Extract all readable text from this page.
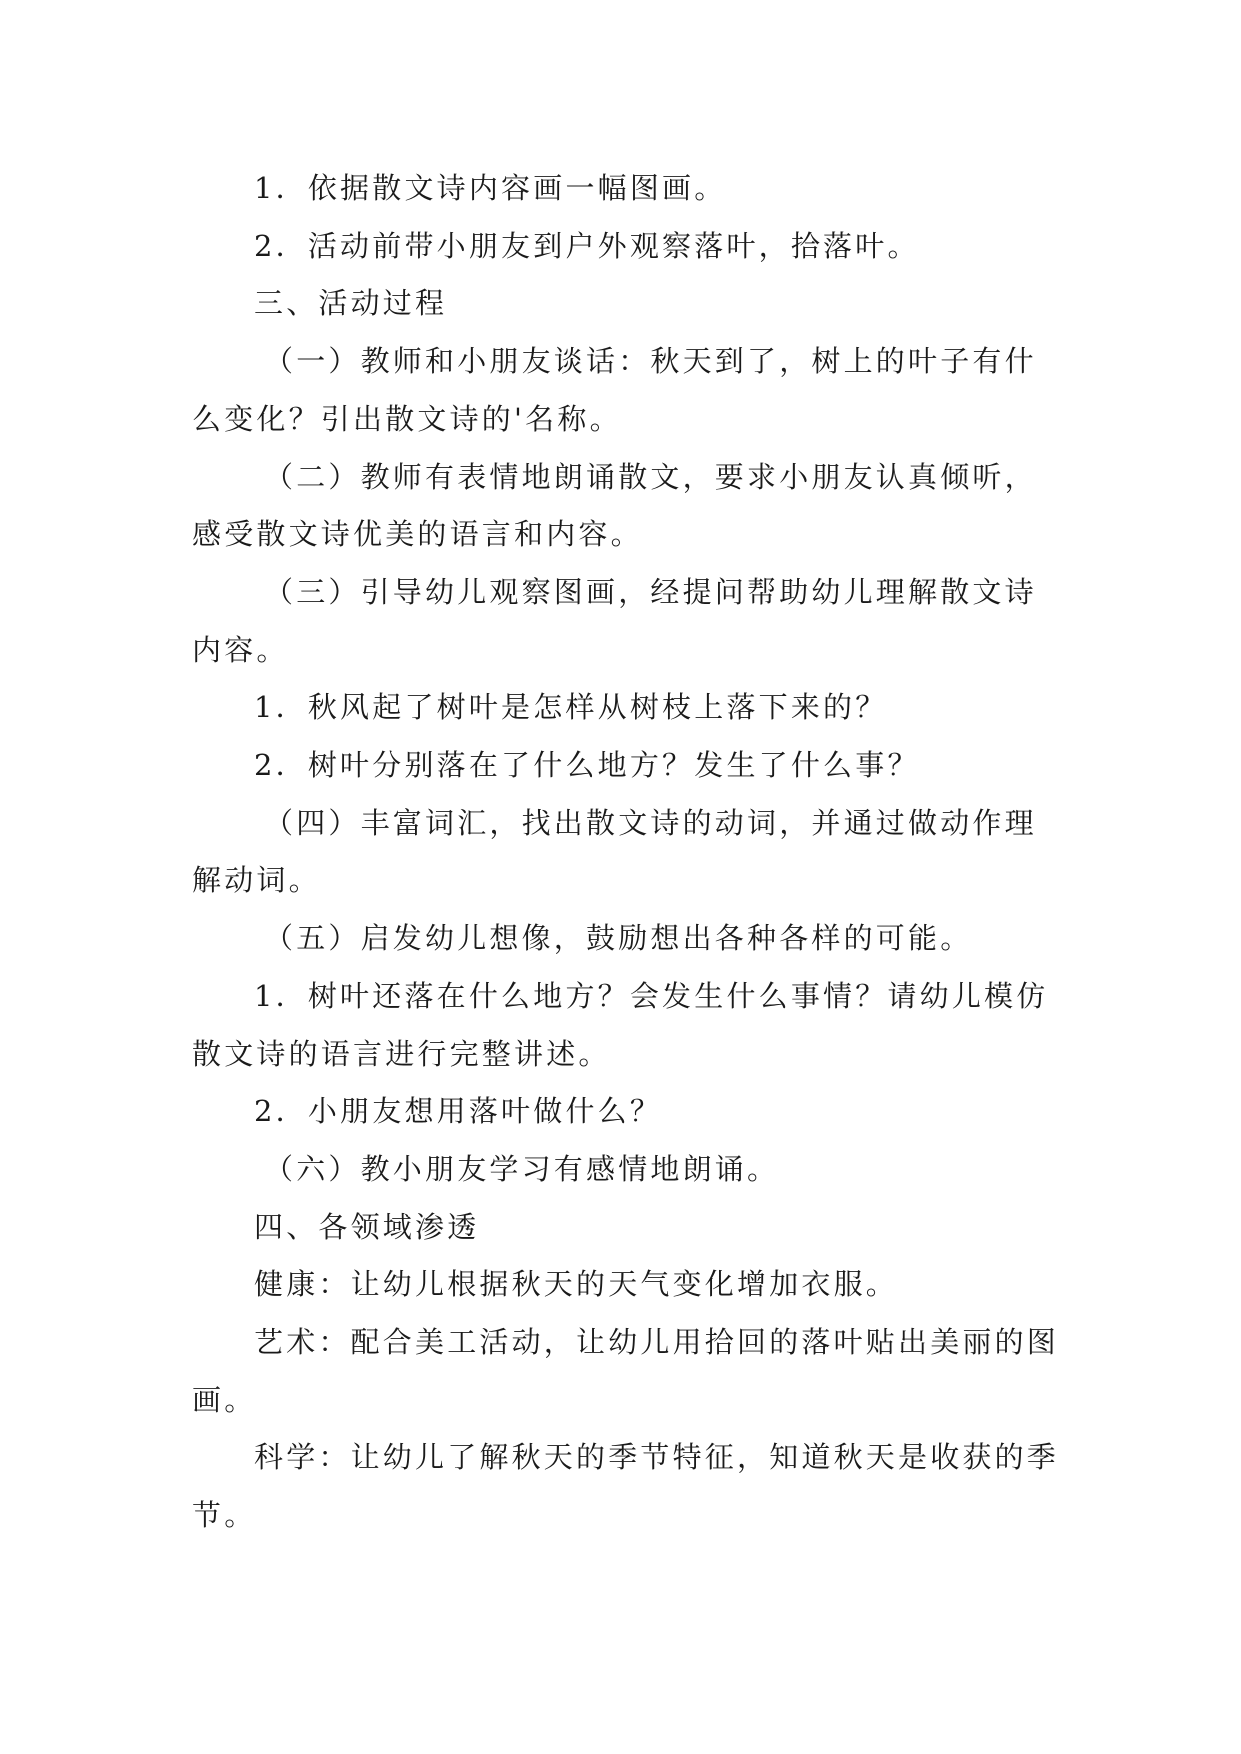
1．依据散文诗内容画一幅图画。

2．活动前带小朋友到户外观察落叶，拾落叶。

三、活动过程

（一）教师和小朋友谈话：秋天到了，树上的叶子有什么变化？引出散文诗的'名称。

（二）教师有表情地朗诵散文，要求小朋友认真倾听，感受散文诗优美的语言和内容。

（三）引导幼儿观察图画，经提问帮助幼儿理解散文诗内容。

1．秋风起了树叶是怎样从树枝上落下来的？

2．树叶分别落在了什么地方？发生了什么事？

（四）丰富词汇，找出散文诗的动词，并通过做动作理解动词。

（五）启发幼儿想像，鼓励想出各种各样的可能。

1．树叶还落在什么地方？会发生什么事情？请幼儿模仿散文诗的语言进行完整讲述。

2．小朋友想用落叶做什么？

（六）教小朋友学习有感情地朗诵。

四、各领域渗透

健康：让幼儿根据秋天的天气变化增加衣服。

艺术：配合美工活动，让幼儿用拾回的落叶贴出美丽的图画。

科学：让幼儿了解秋天的季节特征，知道秋天是收获的季节。
